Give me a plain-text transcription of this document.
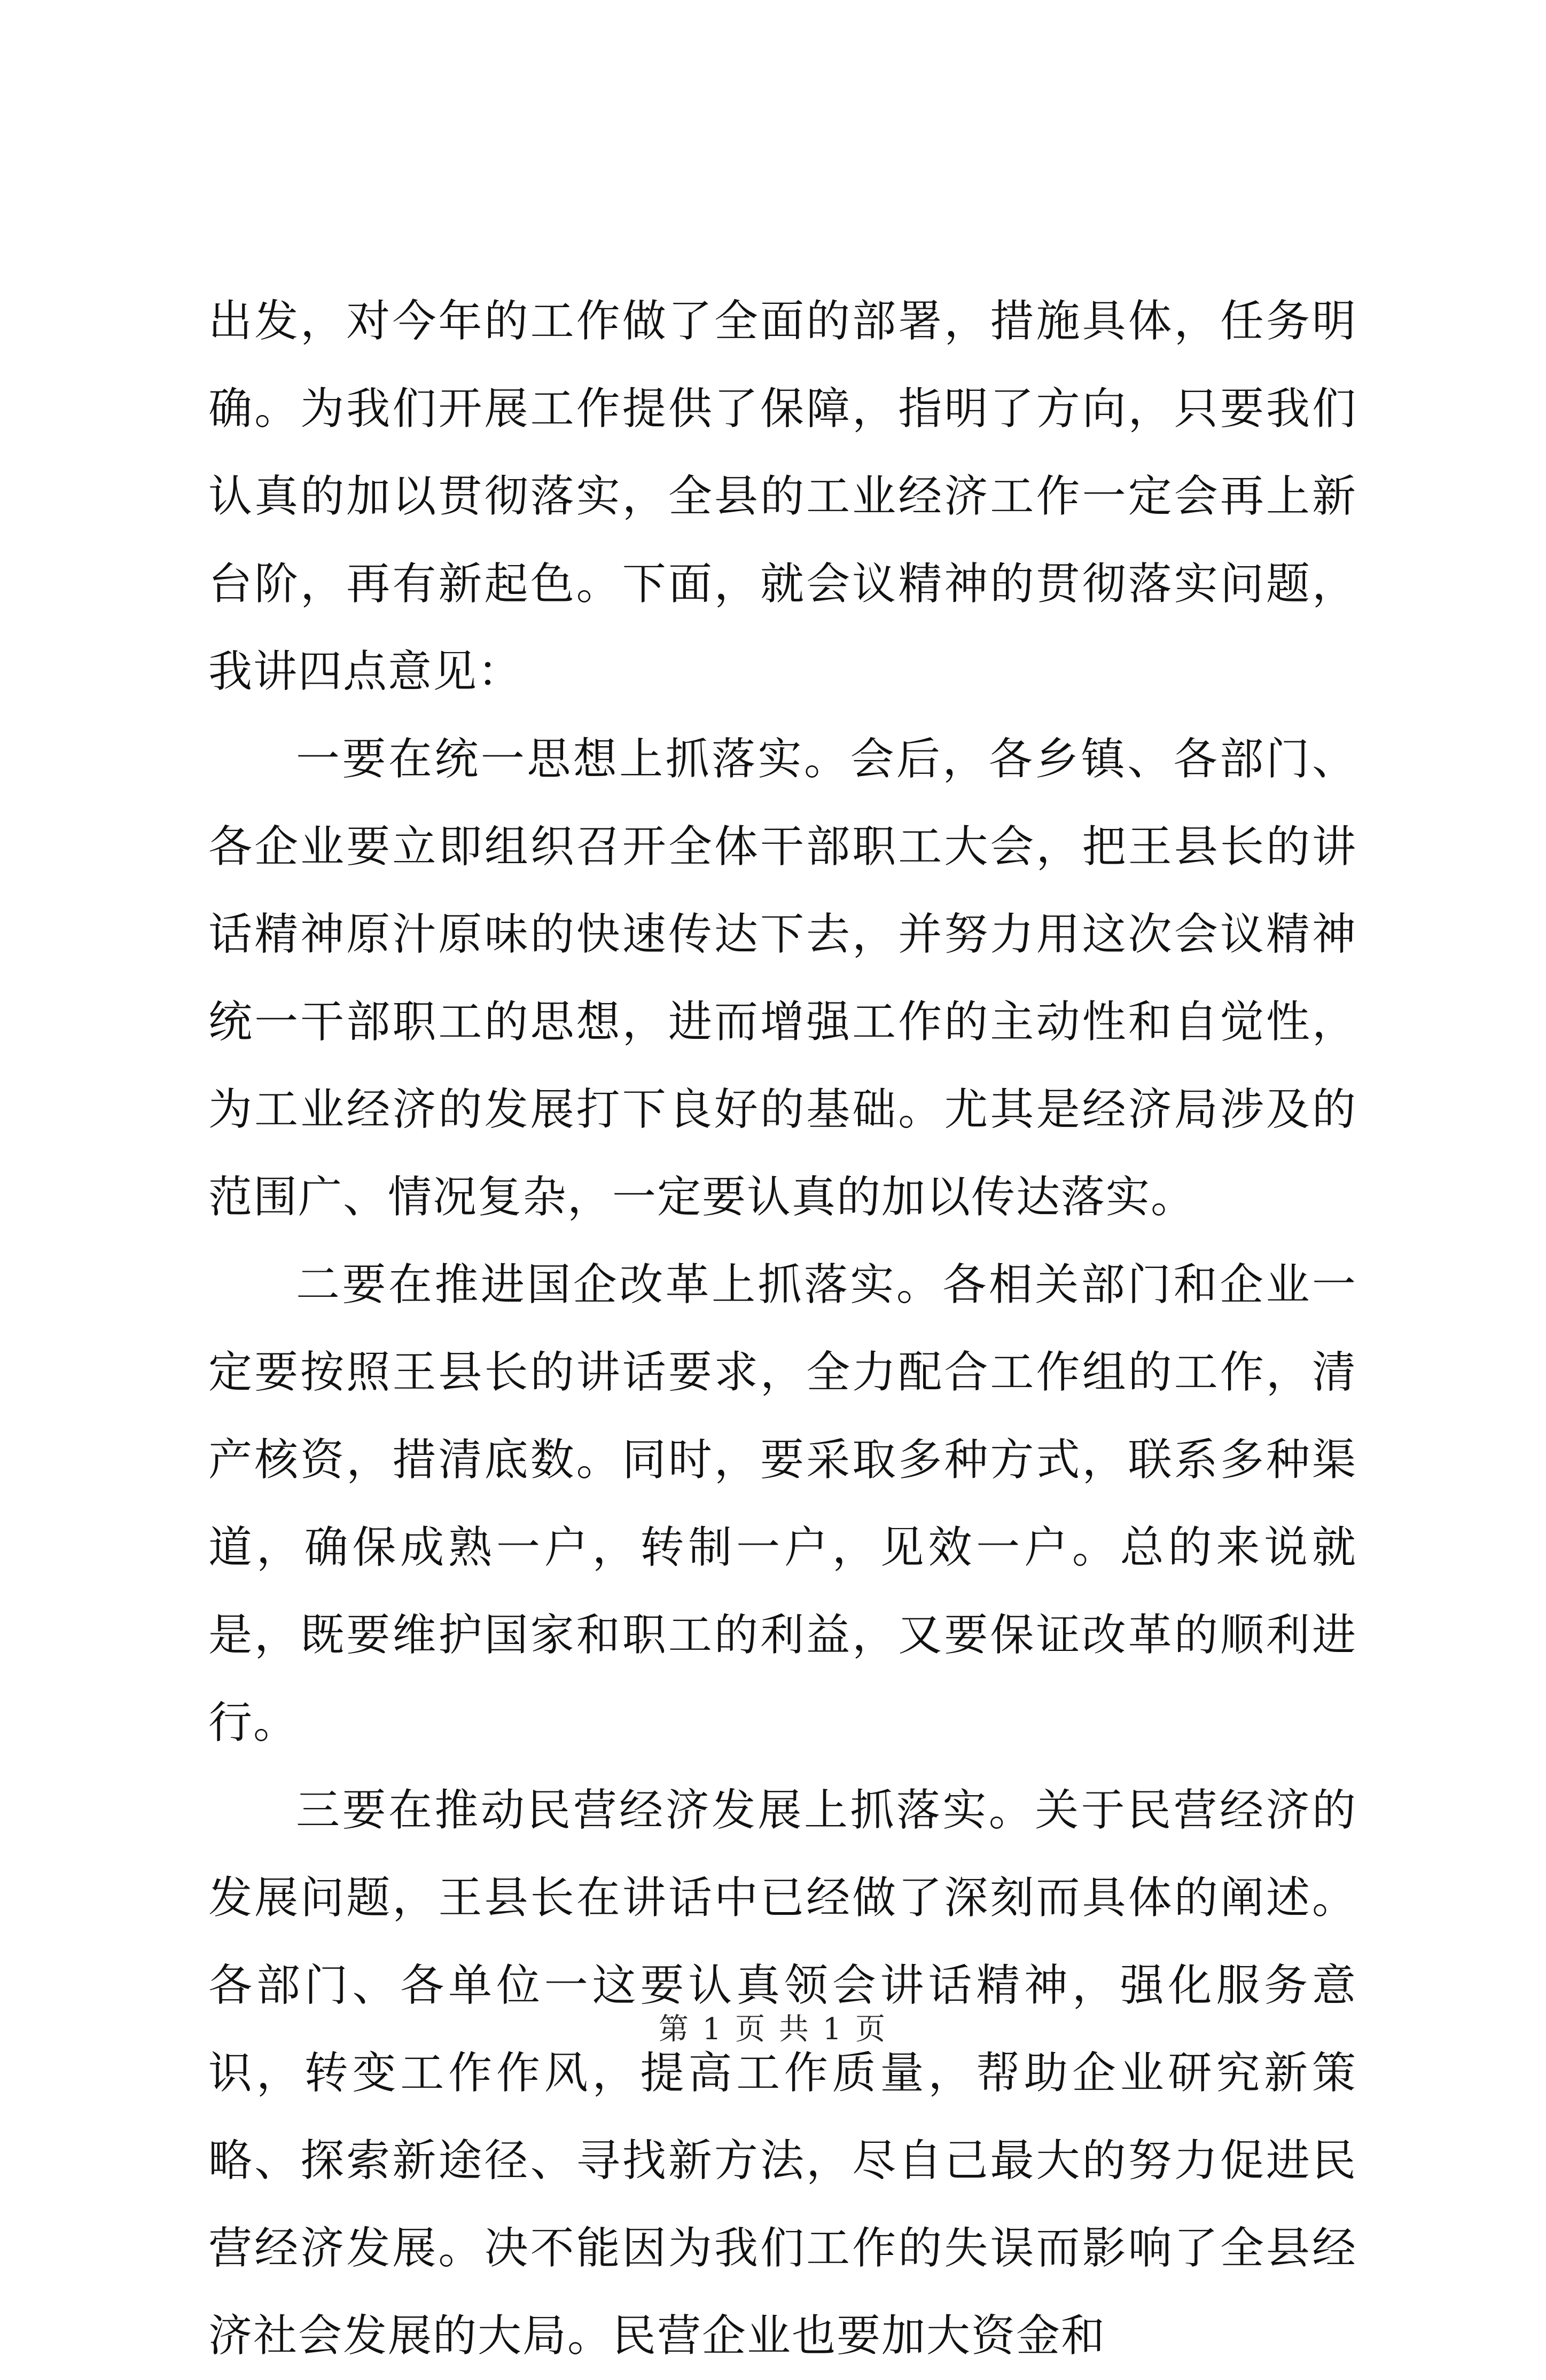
出发，对今年的工作做了全面的部署，措施具体，任务明确。为我们开展工作提供了保障，指明了方向，只要我们认真的加以贯彻落实，全县的工业经济工作一定会再上新台阶，再有新起色。下面，就会议精神的贯彻落实问题，我讲四点意见：

一要在统一思想上抓落实。会后，各乡镇、各部门、各企业要立即组织召开全体干部职工大会，把王县长的讲话精神原汁原味的快速传达下去，并努力用这次会议精神统一干部职工的思想，进而增强工作的主动性和自觉性，为工业经济的发展打下良好的基础。尤其是经济局涉及的范围广、情况复杂，一定要认真的加以传达落实。

二要在推进国企改革上抓落实。各相关部门和企业一定要按照王县长的讲话要求，全力配合工作组的工作，清产核资，措清底数。同时，要采取多种方式，联系多种渠道，确保成熟一户，转制一户，见效一户。总的来说就是，既要维护国家和职工的利益，又要保证改革的顺利进行。

三要在推动民营经济发展上抓落实。关于民营经济的发展问题，王县长在讲话中已经做了深刻而具体的阐述。各部门、各单位一这要认真领会讲话精神，强化服务意识，转变工作作风，提高工作质量，帮助企业研究新策略、探索新途径、寻找新方法，尽自己最大的努力促进民营经济发展。决不能因为我们工作的失误而影响了全县经济社会发展的大局。民营企业也要加大资金和

第 1 页 共 1 页
